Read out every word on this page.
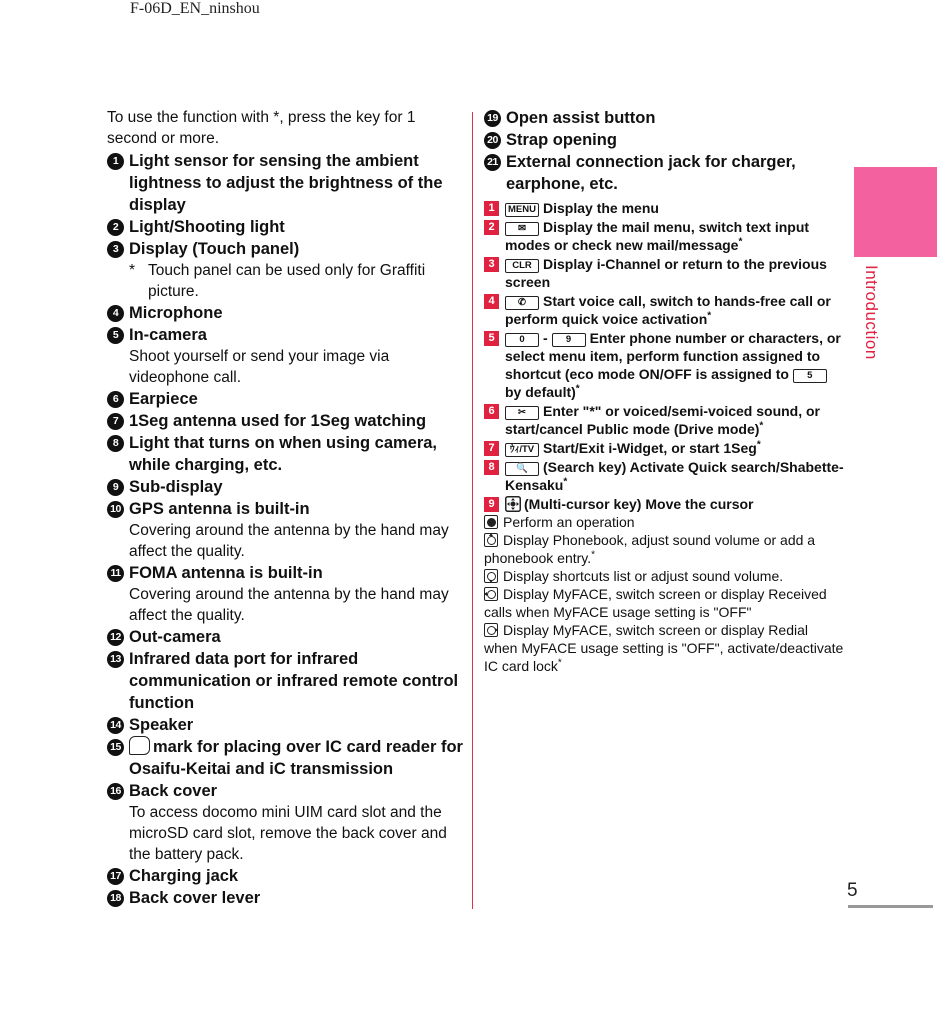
F-06D_EN_ninshou
To use the function with *, press the key for 1 second or more.
1 Light sensor for sensing the ambient lightness to adjust the brightness of the display
2 Light/Shooting light
3 Display (Touch panel)
* Touch panel can be used only for Graffiti picture.
4 Microphone
5 In-camera
Shoot yourself or send your image via videophone call.
6 Earpiece
7 1Seg antenna used for 1Seg watching
8 Light that turns on when using camera, while charging, etc.
9 Sub-display
10 GPS antenna is built-in
Covering around the antenna by the hand may affect the quality.
11 FOMA antenna is built-in
Covering around the antenna by the hand may affect the quality.
12 Out-camera
13 Infrared data port for infrared communication or infrared remote control function
14 Speaker
15 mark for placing over IC card reader for Osaifu-Keitai and iC transmission
16 Back cover
To access docomo mini UIM card slot and the microSD card slot, remove the back cover and the battery pack.
17 Charging jack
18 Back cover lever
19 Open assist button
20 Strap opening
21 External connection jack for charger, earphone, etc.
1	MENU Display the menu
2	✉ Display the mail menu, switch text input modes or check new mail/message*
3	CLR Display i-Channel or return to the previous screen
4	✆ Start voice call, switch to hands-free call or perform quick voice activation*
5	0 - 9 Enter phone number or characters, or select menu item, perform function assigned to shortcut (eco mode ON/OFF is assigned to 5by default)*
6	✂ Enter "*" or voiced/semi-voiced sound, or start/cancel Public mode (Drive mode)*
7	ｳｨ/TV Start/Exit i-Widget, or start 1Seg*
8	🔍 (Search key) Activate Quick search/Shabette-Kensaku*
9	(Multi-cursor key) Move the cursor
Perform an operation
Display Phonebook, adjust sound volume or add a phonebook entry.*
Display shortcuts list or adjust sound volume.
Display MyFACE, switch screen or display Received calls when MyFACE usage setting is "OFF"
Display MyFACE, switch screen or display Redial when MyFACE usage setting is "OFF", activate/deactivate IC card lock*
Introduction
5
